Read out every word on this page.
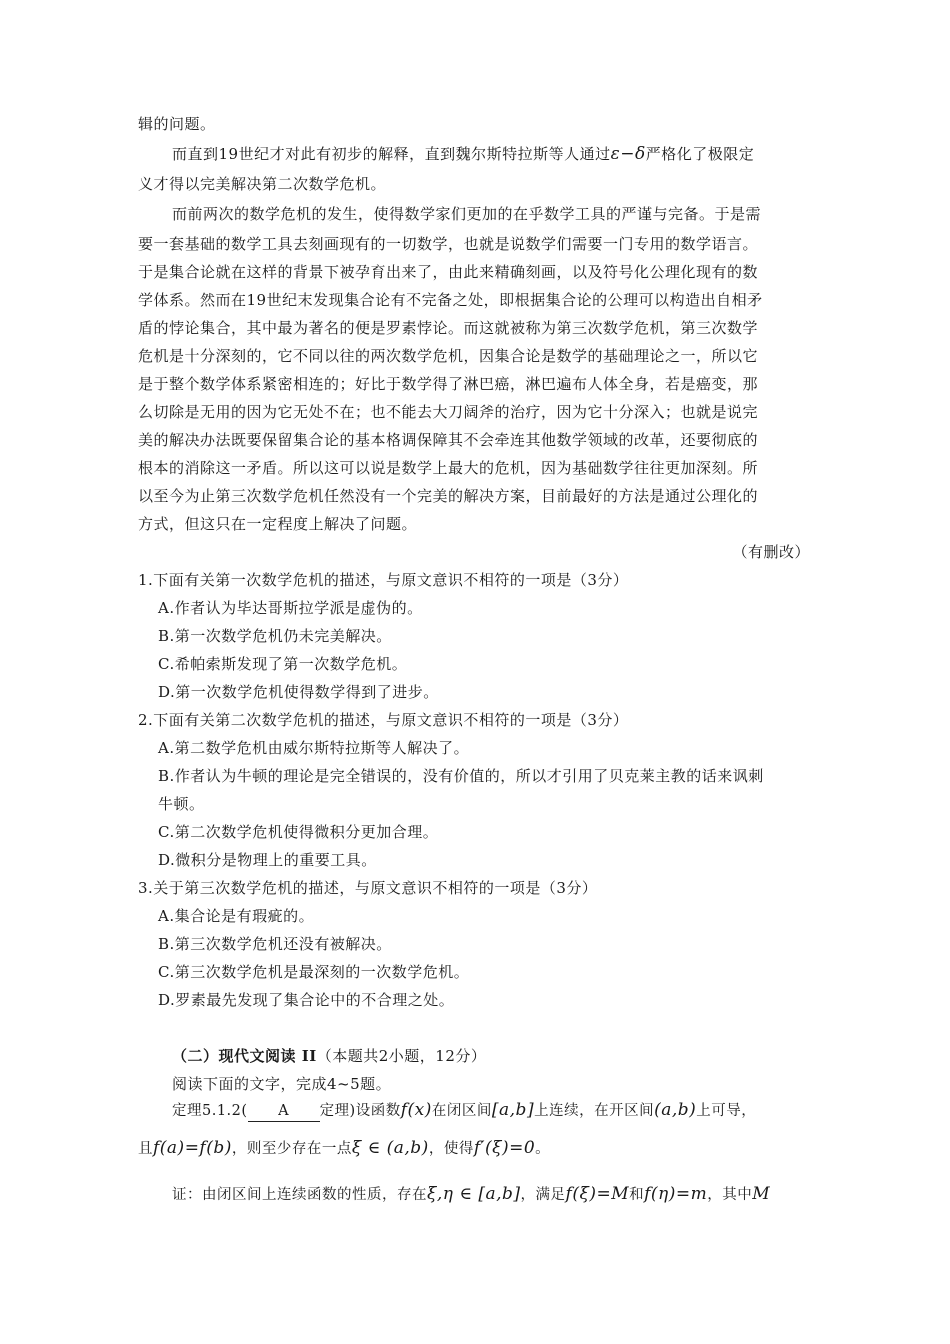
辑的问题。
而直到19世纪才对此有初步的解释，直到魏尔斯特拉斯等人通过ε−δ严格化了极限定
义才得以完美解决第二次数学危机。
而前两次的数学危机的发生，使得数学家们更加的在乎数学工具的严谨与完备。于是需
要一套基础的数学工具去刻画现有的一切数学，也就是说数学们需要一门专用的数学语言。
于是集合论就在这样的背景下被孕育出来了，由此来精确刻画，以及符号化公理化现有的数
学体系。然而在19世纪末发现集合论有不完备之处，即根据集合论的公理可以构造出自相矛
盾的悖论集合，其中最为著名的便是罗素悖论。而这就被称为第三次数学危机，第三次数学
危机是十分深刻的，它不同以往的两次数学危机，因集合论是数学的基础理论之一，所以它
是于整个数学体系紧密相连的；好比于数学得了淋巴癌，淋巴遍布人体全身，若是癌变，那
么切除是无用的因为它无处不在；也不能去大刀阔斧的治疗，因为它十分深入；也就是说完
美的解决办法既要保留集合论的基本格调保障其不会牵连其他数学领域的改革，还要彻底的
根本的消除这一矛盾。所以这可以说是数学上最大的危机，因为基础数学往往更加深刻。所
以至今为止第三次数学危机任然没有一个完美的解决方案，目前最好的方法是通过公理化的
方式，但这只在一定程度上解决了问题。
（有删改）
1.下面有关第一次数学危机的描述，与原文意识不相符的一项是（3分）
A.作者认为毕达哥斯拉学派是虚伪的。
B.第一次数学危机仍未完美解决。
C.希帕索斯发现了第一次数学危机。
D.第一次数学危机使得数学得到了进步。
2.下面有关第二次数学危机的描述，与原文意识不相符的一项是（3分）
A.第二数学危机由威尔斯特拉斯等人解决了。
B.作者认为牛顿的理论是完全错误的，没有价值的，所以才引用了贝克莱主教的话来讽刺
牛顿。
C.第二次数学危机使得微积分更加合理。
D.微积分是物理上的重要工具。
3.关于第三次数学危机的描述，与原文意识不相符的一项是（3分）
A.集合论是有瑕疵的。
B.第三次数学危机还没有被解决。
C.第三次数学危机是最深刻的一次数学危机。
D.罗素最先发现了集合论中的不合理之处。
（二）现代文阅读 II（本题共2小题，12分）
阅读下面的文字，完成4~5题。
定理5.1.2( A 定理)设函数f(x)在闭区间[a,b]上连续，在开区间(a,b)上可导，
且f(a)=f(b)，则至少存在一点ξ ∈ (a,b)，使得f′(ξ)=0。
证：由闭区间上连续函数的性质，存在ξ,η ∈ [a,b]，满足f(ξ)=M和f(η)=m，其中M
